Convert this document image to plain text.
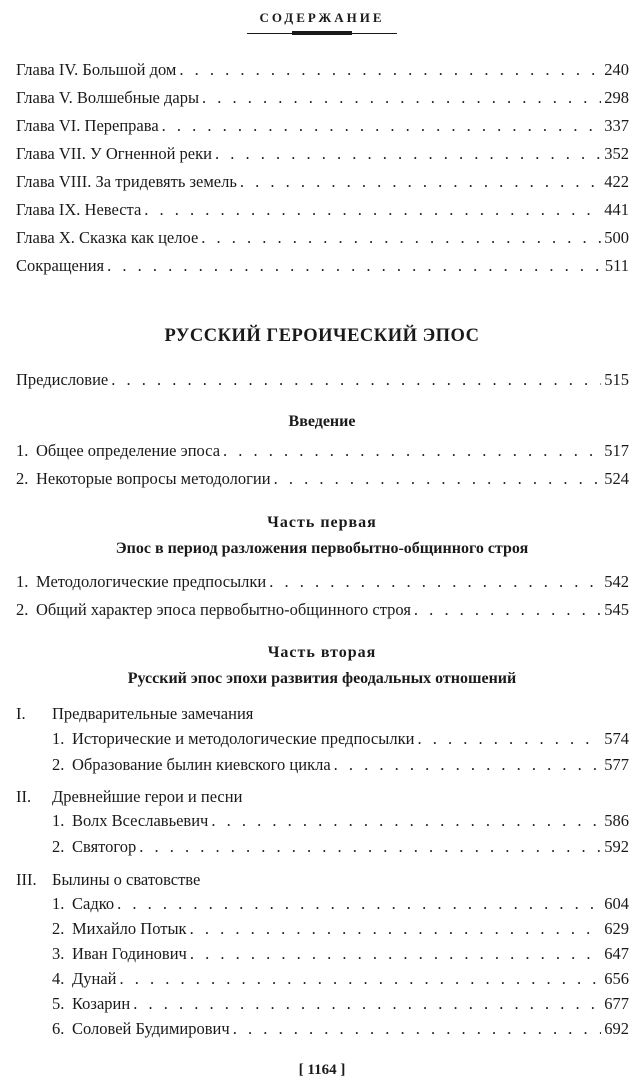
СОДЕРЖАНИЕ
Глава IV. Большой дом . . .	240
Глава V. Волшебные дары . . .	298
Глава VI. Переправа . . .	337
Глава VII. У Огненной реки . . .	352
Глава VIII. За тридевять земель . . .	422
Глава IX. Невеста . . .	441
Глава X. Сказка как целое . . .	500
Сокращения . . .	511
РУССКИЙ ГЕРОИЧЕСКИЙ ЭПОС
Предисловие . . .	515
Введение
1. Общее определение эпоса . . .	517
2. Некоторые вопросы методологии . . .	524
Часть первая
Эпос в период разложения первобытно-общинного строя
1. Методологические предпосылки . . .	542
2. Общий характер эпоса первобытно-общинного строя . . .	545
Часть вторая
Русский эпос эпохи развития феодальных отношений
I. Предварительные замечания
1. Исторические и методологические предпосылки . . .	574
2. Образование былин киевского цикла . . .	577
II. Древнейшие герои и песни
1. Волх Всеславьевич . . .	586
2. Святогор . . .	592
III. Былины о сватовстве
1. Садко . . .	604
2. Михайло Потык . . .	629
3. Иван Годинович . . .	647
4. Дунай . . .	656
5. Козарин . . .	677
6. Соловей Будимирович . . .	692
[ 1164 ]
